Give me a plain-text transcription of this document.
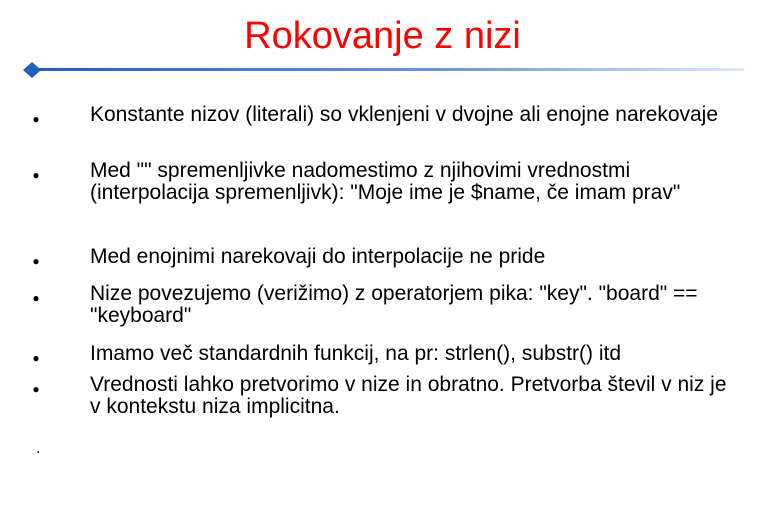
Rokovanje z nizi
● Konstante nizov (literali) so vklenjeni v dvojne ali enojne narekovaje
● Med "" spremenljivke nadomestimo z njihovimi vrednostmi (interpolacija spremenljivk): "Moje ime je $name, če imam prav"
● Med enojnimi narekovaji do interpolacije ne pride
● Nize povezujemo (verižimo) z operatorjem pika: "key". "board" == "keyboard"
● Imamo več standardnih funkcij, na pr: strlen(), substr() itd
● Vrednosti lahko pretvorimo v nize in obratno. Pretvorba števil v niz je v kontekstu niza implicitna.
.
